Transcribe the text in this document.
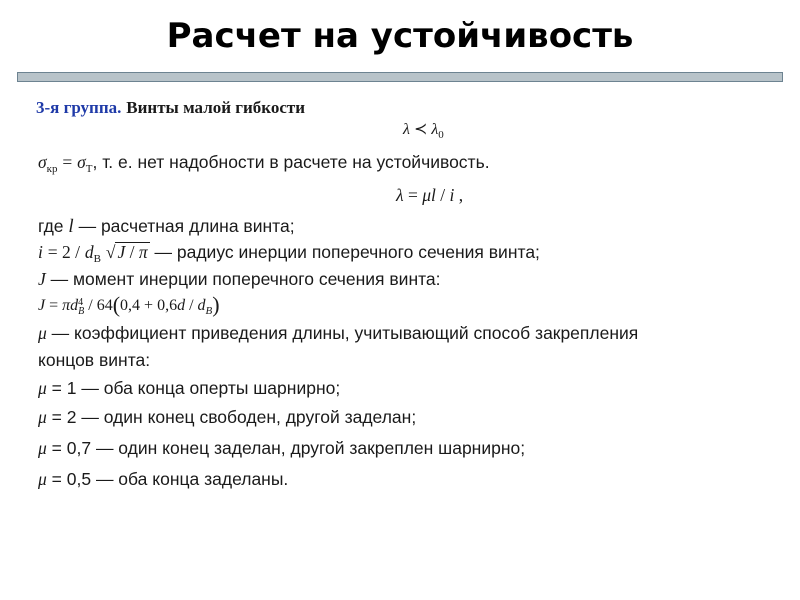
Расчет на устойчивость
3-я группа. Винты малой гибкости
λ ≺ $\lambda_0$
$\sigma_{кр} = \sigma_Т$, т. е. нет надобности в расчете на устойчивость.
λ = μl / i ,
где l — расчетная длина винта;
$i = 2 / d_В$ √ J / π — радиус инерции поперечного сечения винта;
J — момент инерции поперечного сечения винта:
J = πd4
$B / 64(0,4 + 0,6d / d_B)$
μ — коэффициент приведения длины, учитывающий способ закрепления
концов винта:
μ = 1 — оба конца оперты шарнирно;
μ = 2 — один конец свободен, другой заделан;
μ = 0,7 — один конец заделан, другой закреплен шарнирно;
μ = 0,5 — оба конца заделаны.
